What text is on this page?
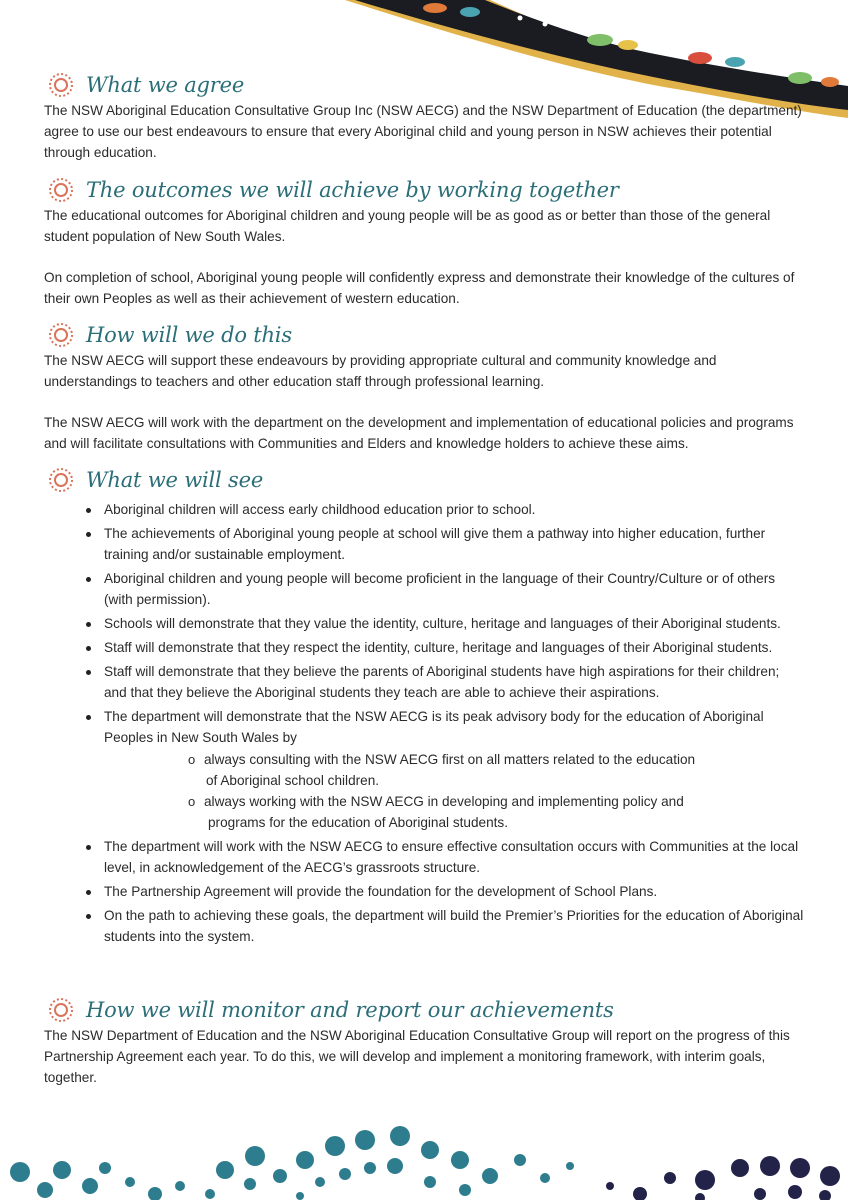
What we agree

The NSW Aboriginal Education Consultative Group Inc (NSW AECG) and the NSW Department of Education (the department) agree to use our best endeavours to ensure that every Aboriginal child and young person in NSW achieves their potential through education.

The outcomes we will achieve by working together

The educational outcomes for Aboriginal children and young people will be as good as or better than those of the general student population of New South Wales.

On completion of school, Aboriginal young people will confidently express and demonstrate their knowledge of the cultures of their own Peoples as well as their achievement of western education.

How will we do this

The NSW AECG will support these endeavours by providing appropriate cultural and community knowledge and understandings to teachers and other education staff through professional learning.

The NSW AECG will work with the department on the development and implementation of educational policies and programs and will facilitate consultations with Communities and Elders and knowledge holders to achieve these aims.

What we will see
Aboriginal children will access early childhood education prior to school.
The achievements of Aboriginal young people at school will give them a pathway into higher education, further training and/or sustainable employment.
Aboriginal children and young people will become proficient in the language of their Country/Culture or of others (with permission).
Schools will demonstrate that they value the identity, culture, heritage and languages of their Aboriginal students.
Staff will demonstrate that they respect the identity, culture, heritage and languages of their Aboriginal students.
Staff will demonstrate that they believe the parents of Aboriginal students have high aspirations for their children; and that they believe the Aboriginal students they teach are able to achieve their aspirations.
The department will demonstrate that the NSW AECG is its peak advisory body for the education of Aboriginal Peoples in New South Wales by
o always consulting with the NSW AECG first on all matters related to the education
of Aboriginal school children.
o always working with the NSW AECG in developing and implementing policy and
programs for the education of Aboriginal students.
The department will work with the NSW AECG to ensure effective consultation occurs with Communities at the local level, in acknowledgement of the AECG’s grassroots structure.
The Partnership Agreement will provide the foundation for the development of School Plans.
On the path to achieving these goals, the department will build the Premier’s Priorities for the education of Aboriginal students into the system.
How we will monitor and report our achievements

The NSW Department of Education and the NSW Aboriginal Education Consultative Group will report on the progress of this Partnership Agreement each year. To do this, we will develop and implement a monitoring framework, with interim goals, together.
